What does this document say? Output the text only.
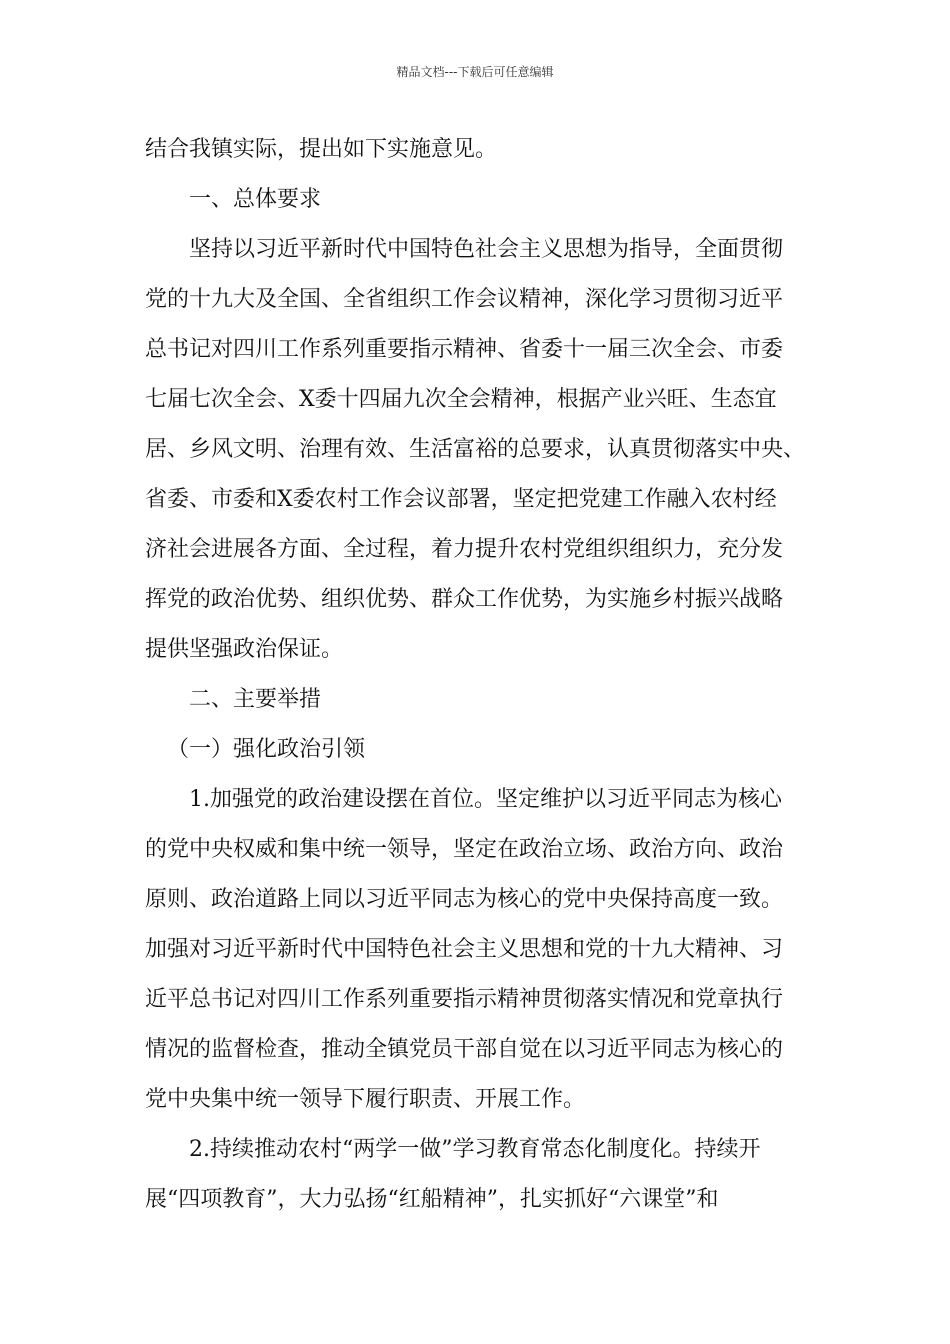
精品文档---下载后可任意编辑
结合我镇实际，提出如下实施意见。
一、总体要求
坚持以习近平新时代中国特色社会主义思想为指导，全面贯彻
党的十九大及全国、全省组织工作会议精神，深化学习贯彻习近平
总书记对四川工作系列重要指示精神、省委十一届三次全会、市委
七届七次全会、X委十四届九次全会精神，根据产业兴旺、生态宜
居、乡风文明、治理有效、生活富裕的总要求，认真贯彻落实中央、
省委、市委和X委农村工作会议部署，坚定把党建工作融入农村经
济社会进展各方面、全过程，着力提升农村党组织组织力，充分发
挥党的政治优势、组织优势、群众工作优势，为实施乡村振兴战略
提供坚强政治保证。
二、主要举措
（一）强化政治引领
1.加强党的政治建设摆在首位。坚定维护以习近平同志为核心
的党中央权威和集中统一领导，坚定在政治立场、政治方向、政治
原则、政治道路上同以习近平同志为核心的党中央保持高度一致。
加强对习近平新时代中国特色社会主义思想和党的十九大精神、习
近平总书记对四川工作系列重要指示精神贯彻落实情况和党章执行
情况的监督检查，推动全镇党员干部自觉在以习近平同志为核心的
党中央集中统一领导下履行职责、开展工作。
2.持续推动农村“两学一做”学习教育常态化制度化。持续开
展“四项教育”，大力弘扬“红船精神”，扎实抓好“六课堂”和
